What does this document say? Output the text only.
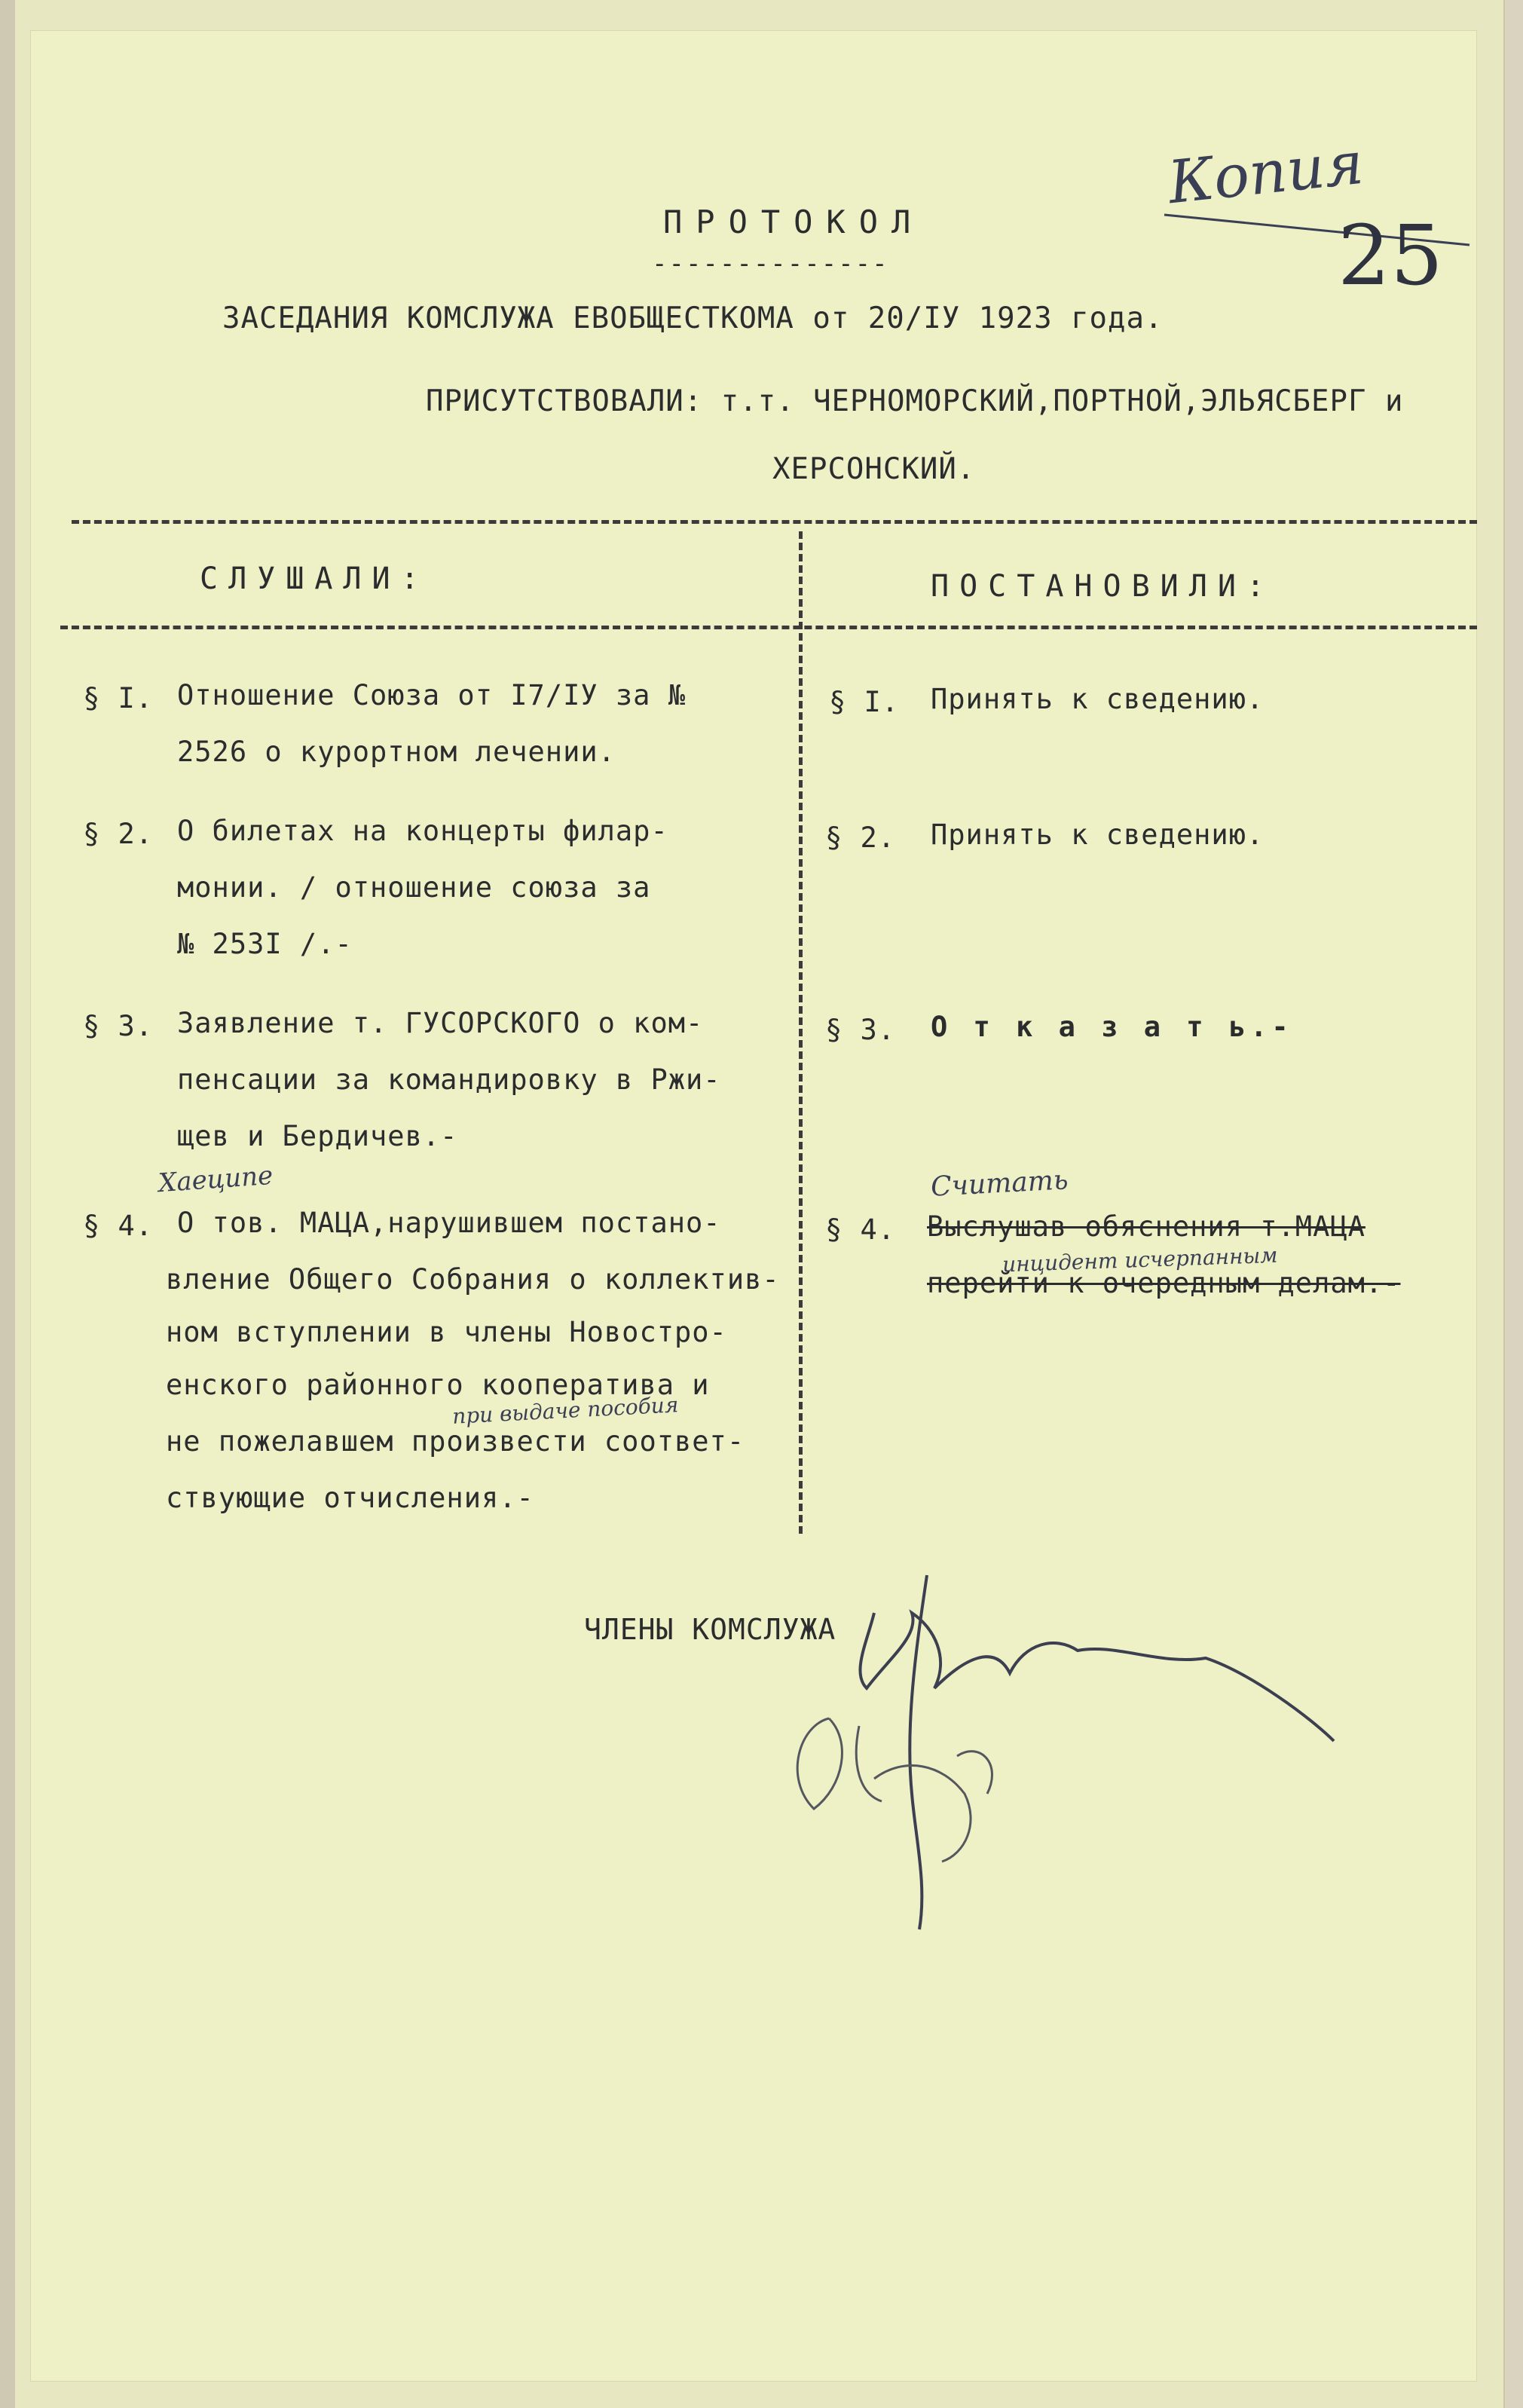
Копия
25
ПРОТОКОЛ
--------------
ЗАСЕДАНИЯ КОМСЛУЖА ЕВОБЩЕСТКОМА от 20/IУ 1923 года.
ПРИСУТСТВОВАЛИ: т.т. ЧЕРНОМОРСКИЙ,ПОРТНОЙ,ЭЛЬЯСБЕРГ и
ХЕРСОНСКИЙ.
СЛУШАЛИ:	ПОСТАНОВИЛИ:
§ I. Отношение Союза от I7/IУ за №
2526 о курортном лечении.
§ I. Принять к сведению.
§ 2. О билетах на концерты филар-
монии. / отношение союза за
№ 253I /.-
§ 2. Принять к сведению.
§ 3. Заявление т. ГУСОРСКОГО о ком-
пенсации за командировку в Ржи-
щев и Бердичев.-
§ 3. О т к а з а т ь.-
Хаеципе
§ 4. О тов. МАЦА,нарушившем постано-
вление Общего Собрания о коллектив-
ном вступлении в члены Новостро-
енского районного кооператива и
при выдаче пособия
не пожелавшем произвести соответ-
ствующие отчисления.-
Считать
§ 4. Выслушав обяснения т.МАЦА
инцидент исчерпанным
перейти к очередным делам.-
ЧЛЕНЫ КОМСЛУЖА
